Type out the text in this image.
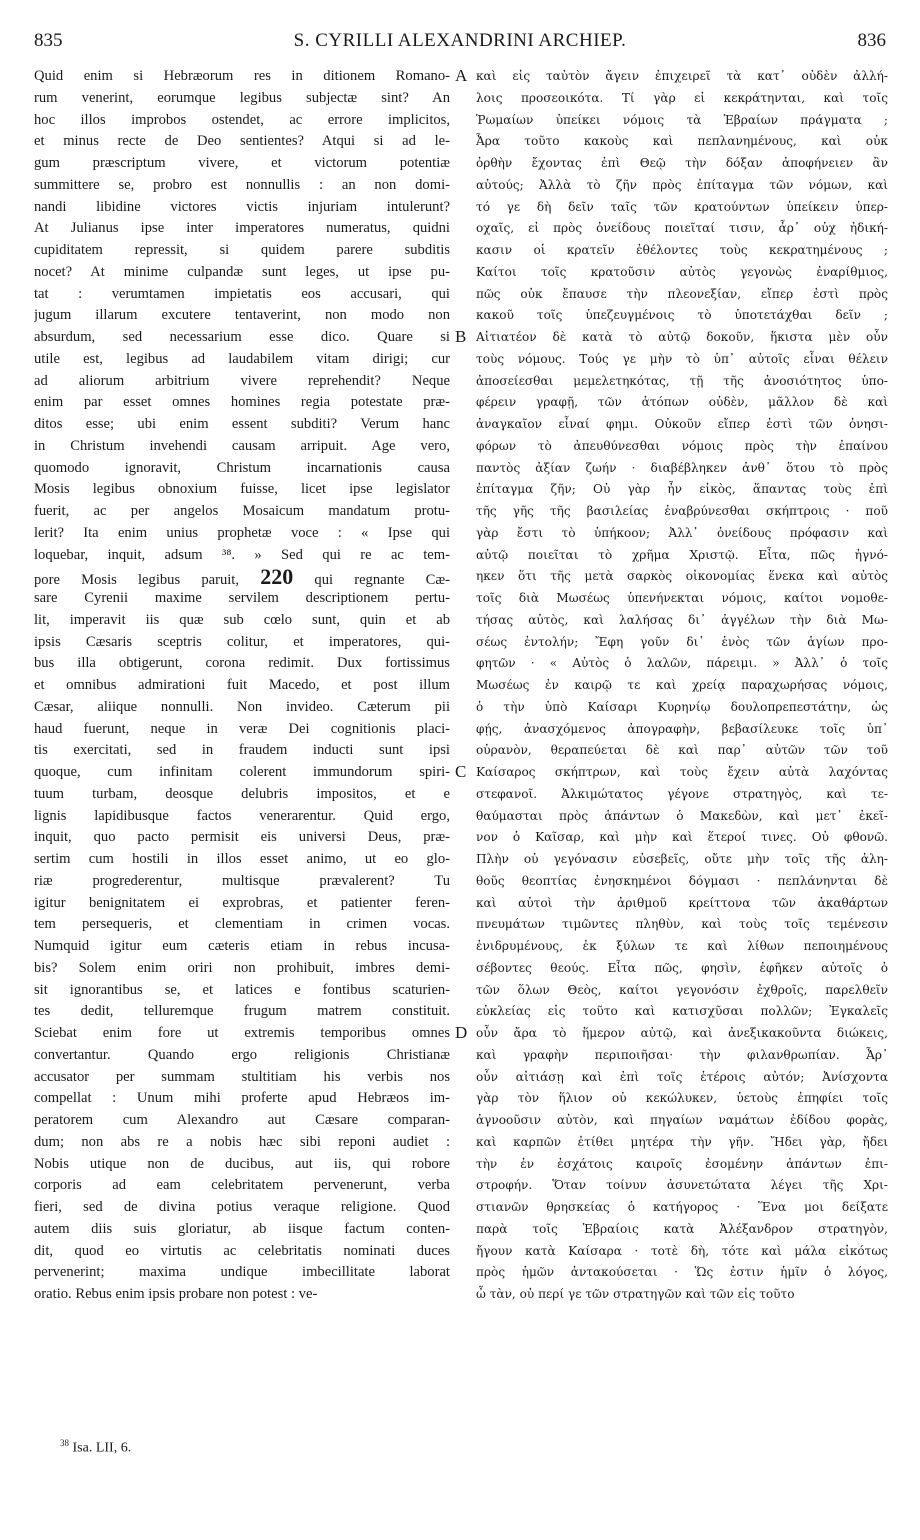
835	S. CYRILLI ALEXANDRINI ARCHIEP.	836
Quid enim si Hebræorum res in ditionem Romano-
rum venerint, eorumque legibus subjectæ sint? An
hoc illos improbos ostendet, ac errore implicitos,
et minus recte de Deo sentientes? Atqui si ad le-
gum præscriptum vivere, et victorum potentiæ
summittere se, probro est nonnullis : an non domi-
nandi libidine victores victis injuriam intulerunt?
At Julianus ipse inter imperatores numeratus, quidni
cupiditatem repressit, si quidem parere subditis
nocet? At minime culpandæ sunt leges, ut ipse pu-
tat : verumtamen impietatis eos accusari, qui
jugum illarum excutere tentaverint, non modo non
absurdum, sed necessarium esse dico. Quare si
utile est, legibus ad laudabilem vitam dirigi; cur
ad aliorum arbitrium vivere reprehendit? Neque
enim par esset omnes homines regia potestate præ-
ditos esse; ubi enim essent subditi? Verum hanc
in Christum invehendi causam arripuit. Age vero,
quomodo ignoravit, Christum incarnationis causa
Mosis legibus obnoxium fuisse, licet ipse legislator
fuerit, ac per angelos Mosaicum mandatum protu-
lerit? Ita enim unius prophetæ voce : « Ipse qui
loquebar, inquit, adsum ³⁸. » Sed qui re ac tem-
pore Mosis legibus paruit, 220 qui regnante Cæ-
sare Cyrenii maxime servilem descriptionem pertu-
lit, imperavit iis quæ sub cœlo sunt, quin et ab
ipsis Cæsaris sceptris colitur, et imperatores, qui-
bus illa obtigerunt, corona redimit. Dux fortissimus
et omnibus admirationi fuit Macedo, et post illum
Cæsar, aliique nonnulli. Non invideo. Cæterum pii
haud fuerunt, neque in veræ Dei cognitionis placi-
tis exercitati, sed in fraudem inducti sunt ipsi
quoque, cum infinitam colerent immundorum spiri-
tuum turbam, deosque delubris impositos, et e
lignis lapidibusque factos venerarentur. Quid ergo,
inquit, quo pacto permisit eis universi Deus, præ-
sertim cum hostili in illos esset animo, ut eo glo-
riæ progrederentur, multisque prævalerent? Tu
igitur benignitatem ei exprobras, et patienter feren-
tem persequeris, et clementiam in crimen vocas.
Numquid igitur eum cæteris etiam in rebus incusa-
bis? Solem enim oriri non prohibuit, imbres demi-
sit ignorantibus se, et latices e fontibus scaturien-
tes dedit, telluremque frugum matrem constituit.
Sciebat enim fore ut extremis temporibus omnes
convertantur. Quando ergo religionis Christianæ
accusator per summam stultitiam his verbis nos
compellat : Unum mihi proferte apud Hebræos im-
peratorem cum Alexandro aut Cæsare comparan-
dum; non abs re a nobis hæc sibi reponi audiet :
Nobis utique non de ducibus, aut iis, qui robore
corporis ad eam celebritatem pervenerunt, verba
fieri, sed de divina potius veraque religione. Quod
autem diis suis gloriatur, ab iisque factum conten-
dit, quod eo virtutis ac celebritatis nominati duces
pervenerint; maxima undique imbecillitate laborat
oratio. Rebus enim ipsis probare non potest : ve-
καὶ εἰς ταὐτὸν ἄγειν ἐπιχειρεῖ τὰ κατ᾽ οὐδὲν ἀλλή-
λοις προσεοικότα. Τί γὰρ εἰ κεκράτηνται, καὶ τοῖς
Ῥωμαίων ὑπείκει νόμοις τὰ Ἑβραίων πράγματα ;
Ἆρα τοῦτο κακοὺς καὶ πεπλανημένους, καὶ οὐκ
ὀρθὴν ἔχοντας ἐπὶ Θεῷ τὴν δόξαν ἀποφήνειεν ἂν
αὐτούς; Ἀλλὰ τὸ ζῆν πρὸς ἐπίταγμα τῶν νόμων, καὶ
τό γε δὴ δεῖν ταῖς τῶν κρατούντων ὑπείκειν ὑπερ-
οχαῖς, εἰ πρὸς ὀνείδους ποιεῖταί τισιν, ἆρ᾽ οὐχ ἠδική-
κασιν οἱ κρατεῖν ἐθέλοντες τοὺς κεκρατημένους ;
Καίτοι τοῖς κρατοῦσιν αὐτὸς γεγονὼς ἐναρίθμιος,
πῶς οὐκ ἔπαυσε τὴν πλεονεξίαν, εἴπερ ἐστὶ πρὸς
κακοῦ τοῖς ὑπεζευγμένοις τὸ ὑποτετάχθαι δεῖν ;
Αἰτιατέον δὲ κατὰ τὸ αὐτῷ δοκοῦν, ἥκιστα μὲν οὖν
τοὺς νόμους. Τούς γε μὴν τὸ ὑπ᾽ αὐτοῖς εἶναι θέλειν
ἀποσείεσθαι μεμελετηκότας, τῇ τῆς ἀνοσιότητος ὑπο-
φέρειν γραφῇ, τῶν ἀτόπων οὐδὲν, μᾶλλον δὲ καὶ
ἀναγκαῖον εἶναί φημι. Οὐκοῦν εἴπερ ἐστὶ τῶν ὀνησι-
φόρων τὸ ἀπευθύνεσθαι νόμοις πρὸς τὴν ἐπαίνου
παντὸς ἀξίαν ζωήν · διαβέβληκεν ἀνθ᾽ ὅτου τὸ πρὸς
ἐπίταγμα ζῆν; Οὐ γὰρ ἦν εἰκὸς, ἅπαντας τοὺς ἐπὶ
τῆς γῆς τῆς βασιλείας ἐναβρύνεσθαι σκήπτροις · ποῦ
γὰρ ἔστι τὸ ὑπήκοον; Ἀλλ᾽ ὀνείδους πρόφασιν καὶ
αὐτῷ ποιεῖται τὸ χρῆμα Χριστῷ. Εἶτα, πῶς ἠγνό-
ηκεν ὅτι τῆς μετὰ σαρκὸς οἰκονομίας ἕνεκα καὶ αὐτὸς
τοῖς διὰ Μωσέως ὑπενήνεκται νόμοις, καίτοι νομοθε-
τήσας αὐτὸς, καὶ λαλήσας δι᾽ ἀγγέλων τὴν διὰ Μω-
σέως ἐντολήν; Ἔφη γοῦν δι᾽ ἑνὸς τῶν ἁγίων προ-
φητῶν · « Αὐτὸς ὁ λαλῶν, πάρειμι. » Ἀλλ᾽ ὁ τοῖς
Μωσέως ἐν καιρῷ τε καὶ χρείᾳ παραχωρήσας νόμοις,
ὁ τὴν ὑπὸ Καίσαρι Κυρηνίῳ δουλοπρεπεστάτην, ὡς
φῄς, ἀνασχόμενος ἀπογραφὴν, βεβασίλευκε τοῖς ὑπ᾽
οὐρανὸν, θεραπεύεται δὲ καὶ παρ᾽ αὐτῶν τῶν τοῦ
Καίσαρος σκήπτρων, καὶ τοὺς ἔχειν αὐτὰ λαχόντας
στεφανοῖ. Ἀλκιμώτατος γέγονε στρατηγὸς, καὶ τε-
θαύμασται πρὸς ἁπάντων ὁ Μακεδὼν, καὶ μετ᾽ ἐκεῖ-
νον ὁ Καῖσαρ, καὶ μὴν καὶ ἕτεροί τινες. Οὐ φθονῶ.
Πλὴν οὐ γεγόνασιν εὐσεβεῖς, οὔτε μὴν τοῖς τῆς ἀλη-
θοῦς θεοπτίας ἐνησκημένοι δόγμασι · πεπλάνηνται δὲ
καὶ αὐτοὶ τὴν ἀριθμοῦ κρείττονα τῶν ἀκαθάρτων
πνευμάτων τιμῶντες πληθὺν, καὶ τοὺς τοῖς τεμένεσιν
ἐνιδρυμένους, ἐκ ξύλων τε καὶ λίθων πεποιημένους
σέβοντες θεούς. Εἶτα πῶς, φησὶν, ἐφῆκεν αὐτοῖς ὁ
τῶν ὅλων Θεὸς, καίτοι γεγονόσιν ἐχθροῖς, παρελθεῖν
εὐκλείας εἰς τοῦτο καὶ κατισχῦσαι πολλῶν; Ἐγκαλεῖς
οὖν ἄρα τὸ ἥμερον αὐτῷ, καὶ ἀνεξικακοῦντα διώκεις,
καὶ γραφὴν περιποιῆσαι· τὴν φιλανθρωπίαν. Ἆρ᾽
οὖν αἰτιάσῃ καὶ ἐπὶ τοῖς ἑτέροις αὐτόν; Ἀνίσχοντα
γὰρ τὸν ἥλιον οὐ κεκώλυκεν, ὑετοὺς ἐπηφίει τοῖς
ἀγνοοῦσιν αὐτὸν, καὶ πηγαίων ναμάτων ἐδίδου φορὰς,
καὶ καρπῶν ἐτίθει μητέρα τὴν γῆν. Ἤδει γὰρ, ἤδει
τὴν ἐν ἐσχάτοις καιροῖς ἐσομένην ἁπάντων ἐπι-
στροφήν. Ὅταν τοίνυν ἀσυνετώτατα λέγει τῆς Χρι-
στιανῶν θρησκείας ὁ κατήγορος · Ἕνα μοι δείξατε
παρὰ τοῖς Ἑβραίοις κατὰ Ἀλέξανδρον στρατηγὸν,
ἤγουν κατὰ Καίσαρα · τοτὲ δὴ, τότε καὶ μάλα εἰκότως
πρὸς ἡμῶν ἀντακούσεται · Ὥς ἐστιν ἡμῖν ὁ λόγος,
ὦ τὰν, οὐ περί γε τῶν στρατηγῶν καὶ τῶν εἰς τοῦτο
A
B
C
D
$^{38}$ Isa. LII, 6.
